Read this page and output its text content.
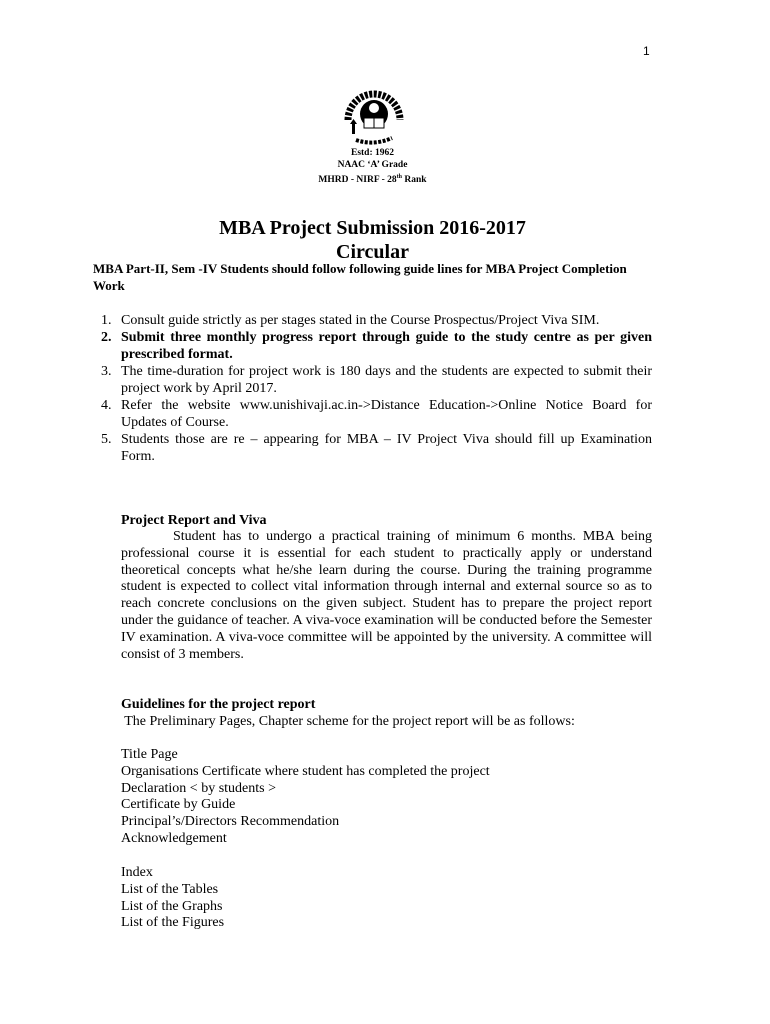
1
Estd: 1962
NAAC ‘A’ Grade
MHRD - NIRF - 28th Rank
MBA Project Submission 2016-2017
Circular
MBA Part-II, Sem -IV Students should follow following guide lines for MBA Project Completion Work
1. Consult guide strictly as per stages stated in the Course Prospectus/Project Viva SIM.
2. Submit three monthly progress report through guide to the study centre as per given prescribed format.
3. The time-duration for project work is 180 days and the students are expected to submit their project work by April 2017.
4. Refer the website www.unishivaji.ac.in->Distance Education->Online Notice Board for Updates of Course.
5. Students those are re – appearing for MBA – IV Project Viva should fill up Examination Form.
Project Report and Viva
Student has to undergo a practical training of minimum 6 months. MBA being professional course it is essential for each student to practically apply or understand theoretical concepts what he/she learn during the course. During the training programme student is expected to collect vital information through internal and external source so as to reach concrete conclusions on the given subject. Student has to prepare the project report under the guidance of teacher. A viva-voce examination will be conducted before the Semester IV examination. A viva-voce committee will be appointed by the university. A committee will consist of 3 members.
Guidelines for the project report
The Preliminary Pages, Chapter scheme for the project report will be as follows:
Title Page
Organisations Certificate where student has completed the project
Declaration < by students >
Certificate by Guide
Principal’s/Directors Recommendation
Acknowledgement
Index
List of the Tables
List of the Graphs
List of the Figures
